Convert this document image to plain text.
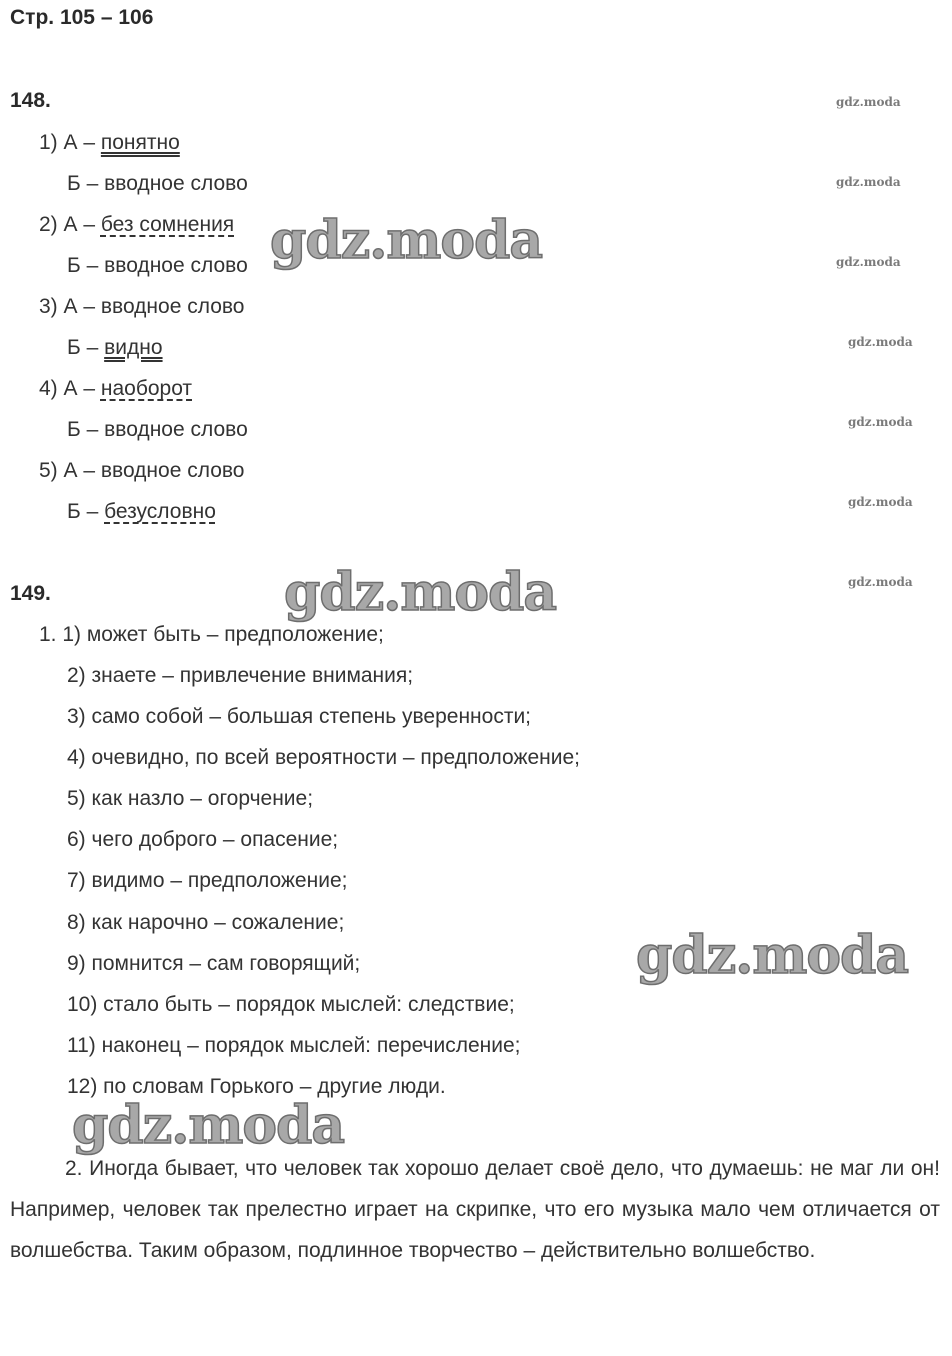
Стр. 105 – 106
148.
1) А – понятно
Б – вводное слово
2) А – без сомнения
Б – вводное слово
3) А – вводное слово
Б – видно
4) А – наоборот
Б – вводное слово
5) А – вводное слово
Б – безусловно
149.
1. 1) может быть – предположение;
2) знаете – привлечение внимания;
3) само собой – большая степень уверенности;
4) очевидно, по всей вероятности – предположение;
5) как назло – огорчение;
6) чего доброго – опасение;
7) видимо – предположение;
8) как нарочно – сожаление;
9) помнится – сам говорящий;
10) стало быть – порядок мыслей: следствие;
11) наконец – порядок мыслей: перечисление;
12) по словам Горького – другие люди.
2. Иногда бывает, что человек так хорошо делает своё дело, что думаешь: не маг ли он! Например, человек так прелестно играет на скрипке, что его музыка мало чем отличается от волшебства. Таким образом, подлинное творчество – действительно волшебство.
gdz.moda
gdz.moda
gdz.moda
gdz.moda
gdz.moda
gdz.moda
gdz.moda
gdz.moda
gdz.moda
gdz.moda
gdz.moda
